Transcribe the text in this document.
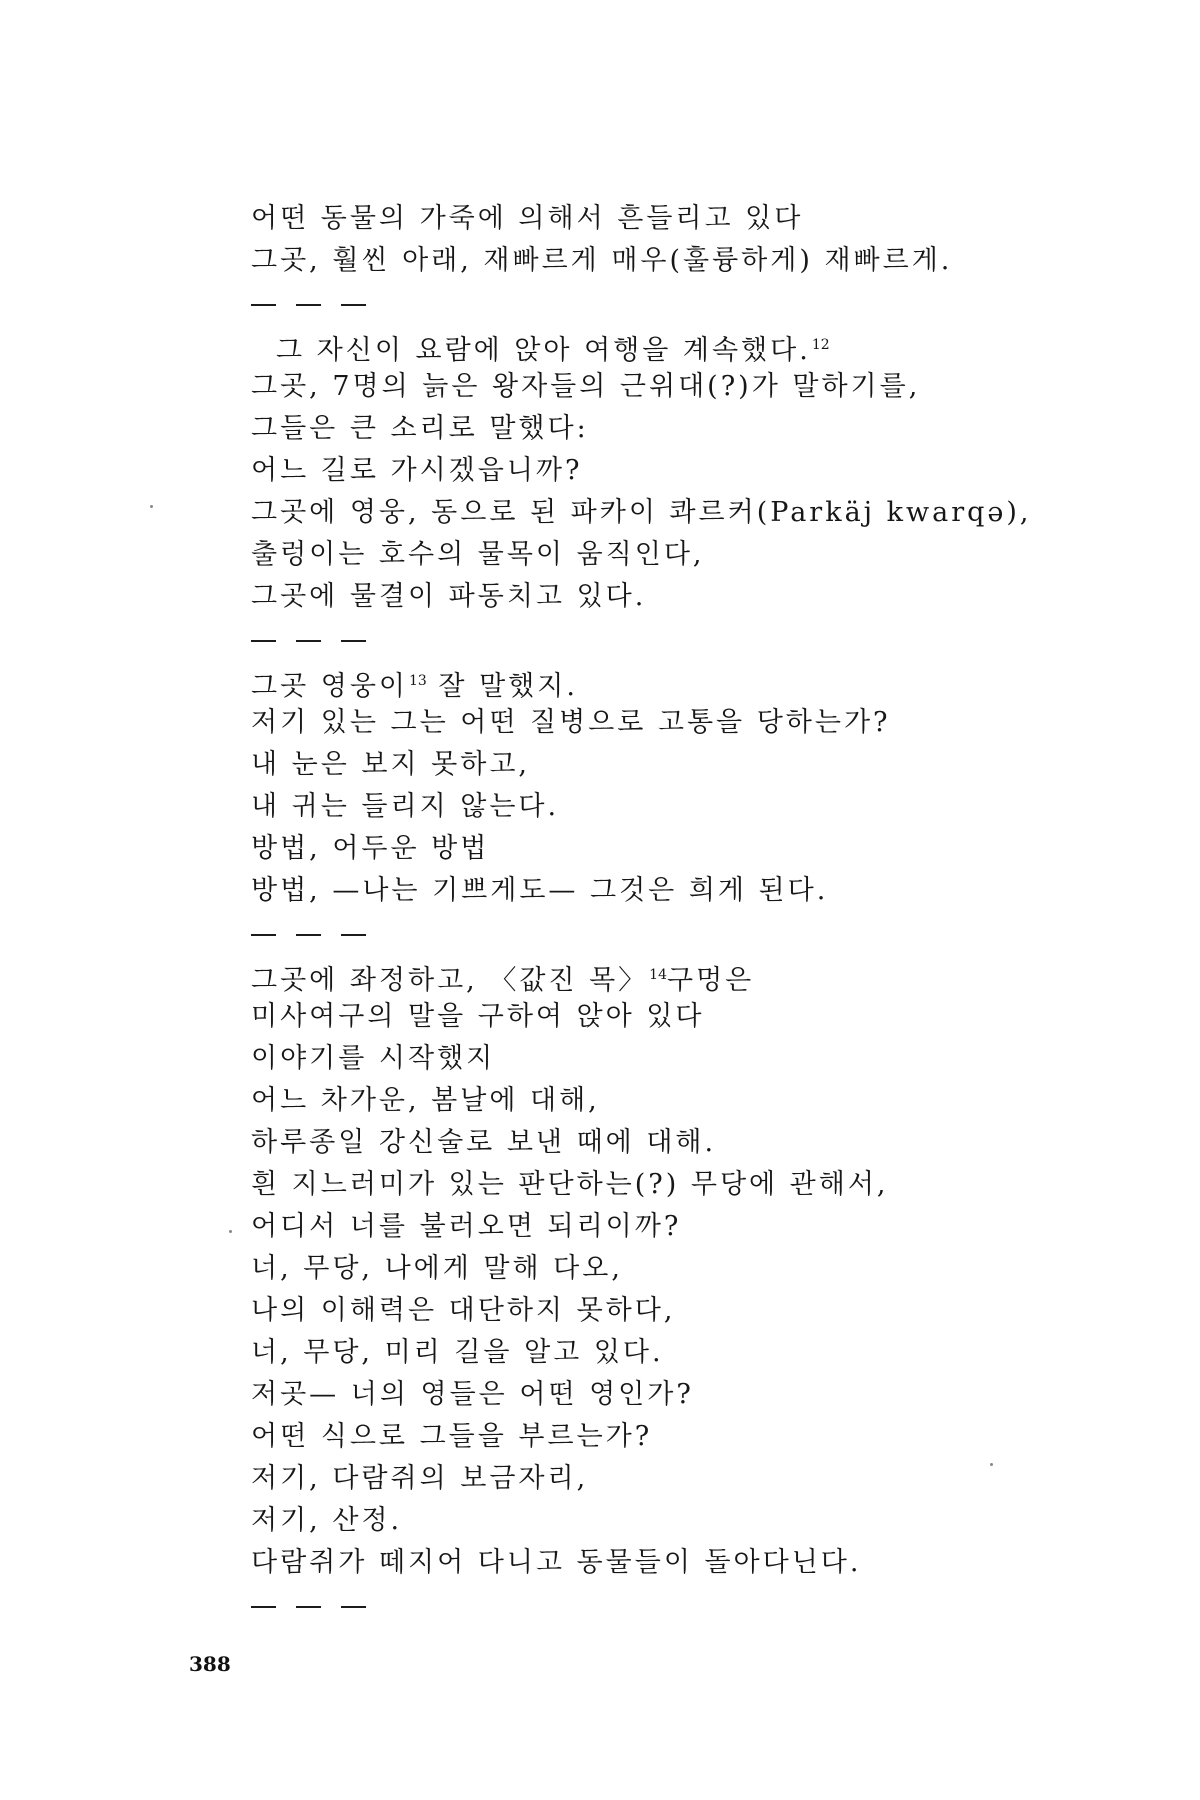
어떤 동물의 가죽에 의해서 흔들리고 있다
그곳, 훨씬 아래, 재빠르게 매우(훌륭하게) 재빠르게.
그 자신이 요람에 앉아 여행을 계속했다.$^{12}$
그곳, 7명의 늙은 왕자들의 근위대(?)가 말하기를,
그들은 큰 소리로 말했다:
어느 길로 가시겠읍니까?
그곳에 영웅, 동으로 된 파카이 콰르커(Parkäj kwarqə),
출렁이는 호수의 물목이 움직인다,
그곳에 물결이 파동치고 있다.
그곳 영웅이$^{13}$ 잘 말했지.
저기 있는 그는 어떤 질병으로 고통을 당하는가?
내 눈은 보지 못하고,
내 귀는 들리지 않는다.
방법, 어두운 방법
방법, —나는 기쁘게도— 그것은 희게 된다.
그곳에 좌정하고, 〈값진 목〉$^{14}$구멍은
미사여구의 말을 구하여 앉아 있다
이야기를 시작했지
어느 차가운, 봄날에 대해,
하루종일 강신술로 보낸 때에 대해.
흰 지느러미가 있는 판단하는(?) 무당에 관해서,
어디서 너를 불러오면 되리이까?
너, 무당, 나에게 말해 다오,
나의 이해력은 대단하지 못하다,
너, 무당, 미리 길을 알고 있다.
저곳— 너의 영들은 어떤 영인가?
어떤 식으로 그들을 부르는가?
저기, 다람쥐의 보금자리,
저기, 산정.
다람쥐가 떼지어 다니고 동물들이 돌아다닌다.
388
